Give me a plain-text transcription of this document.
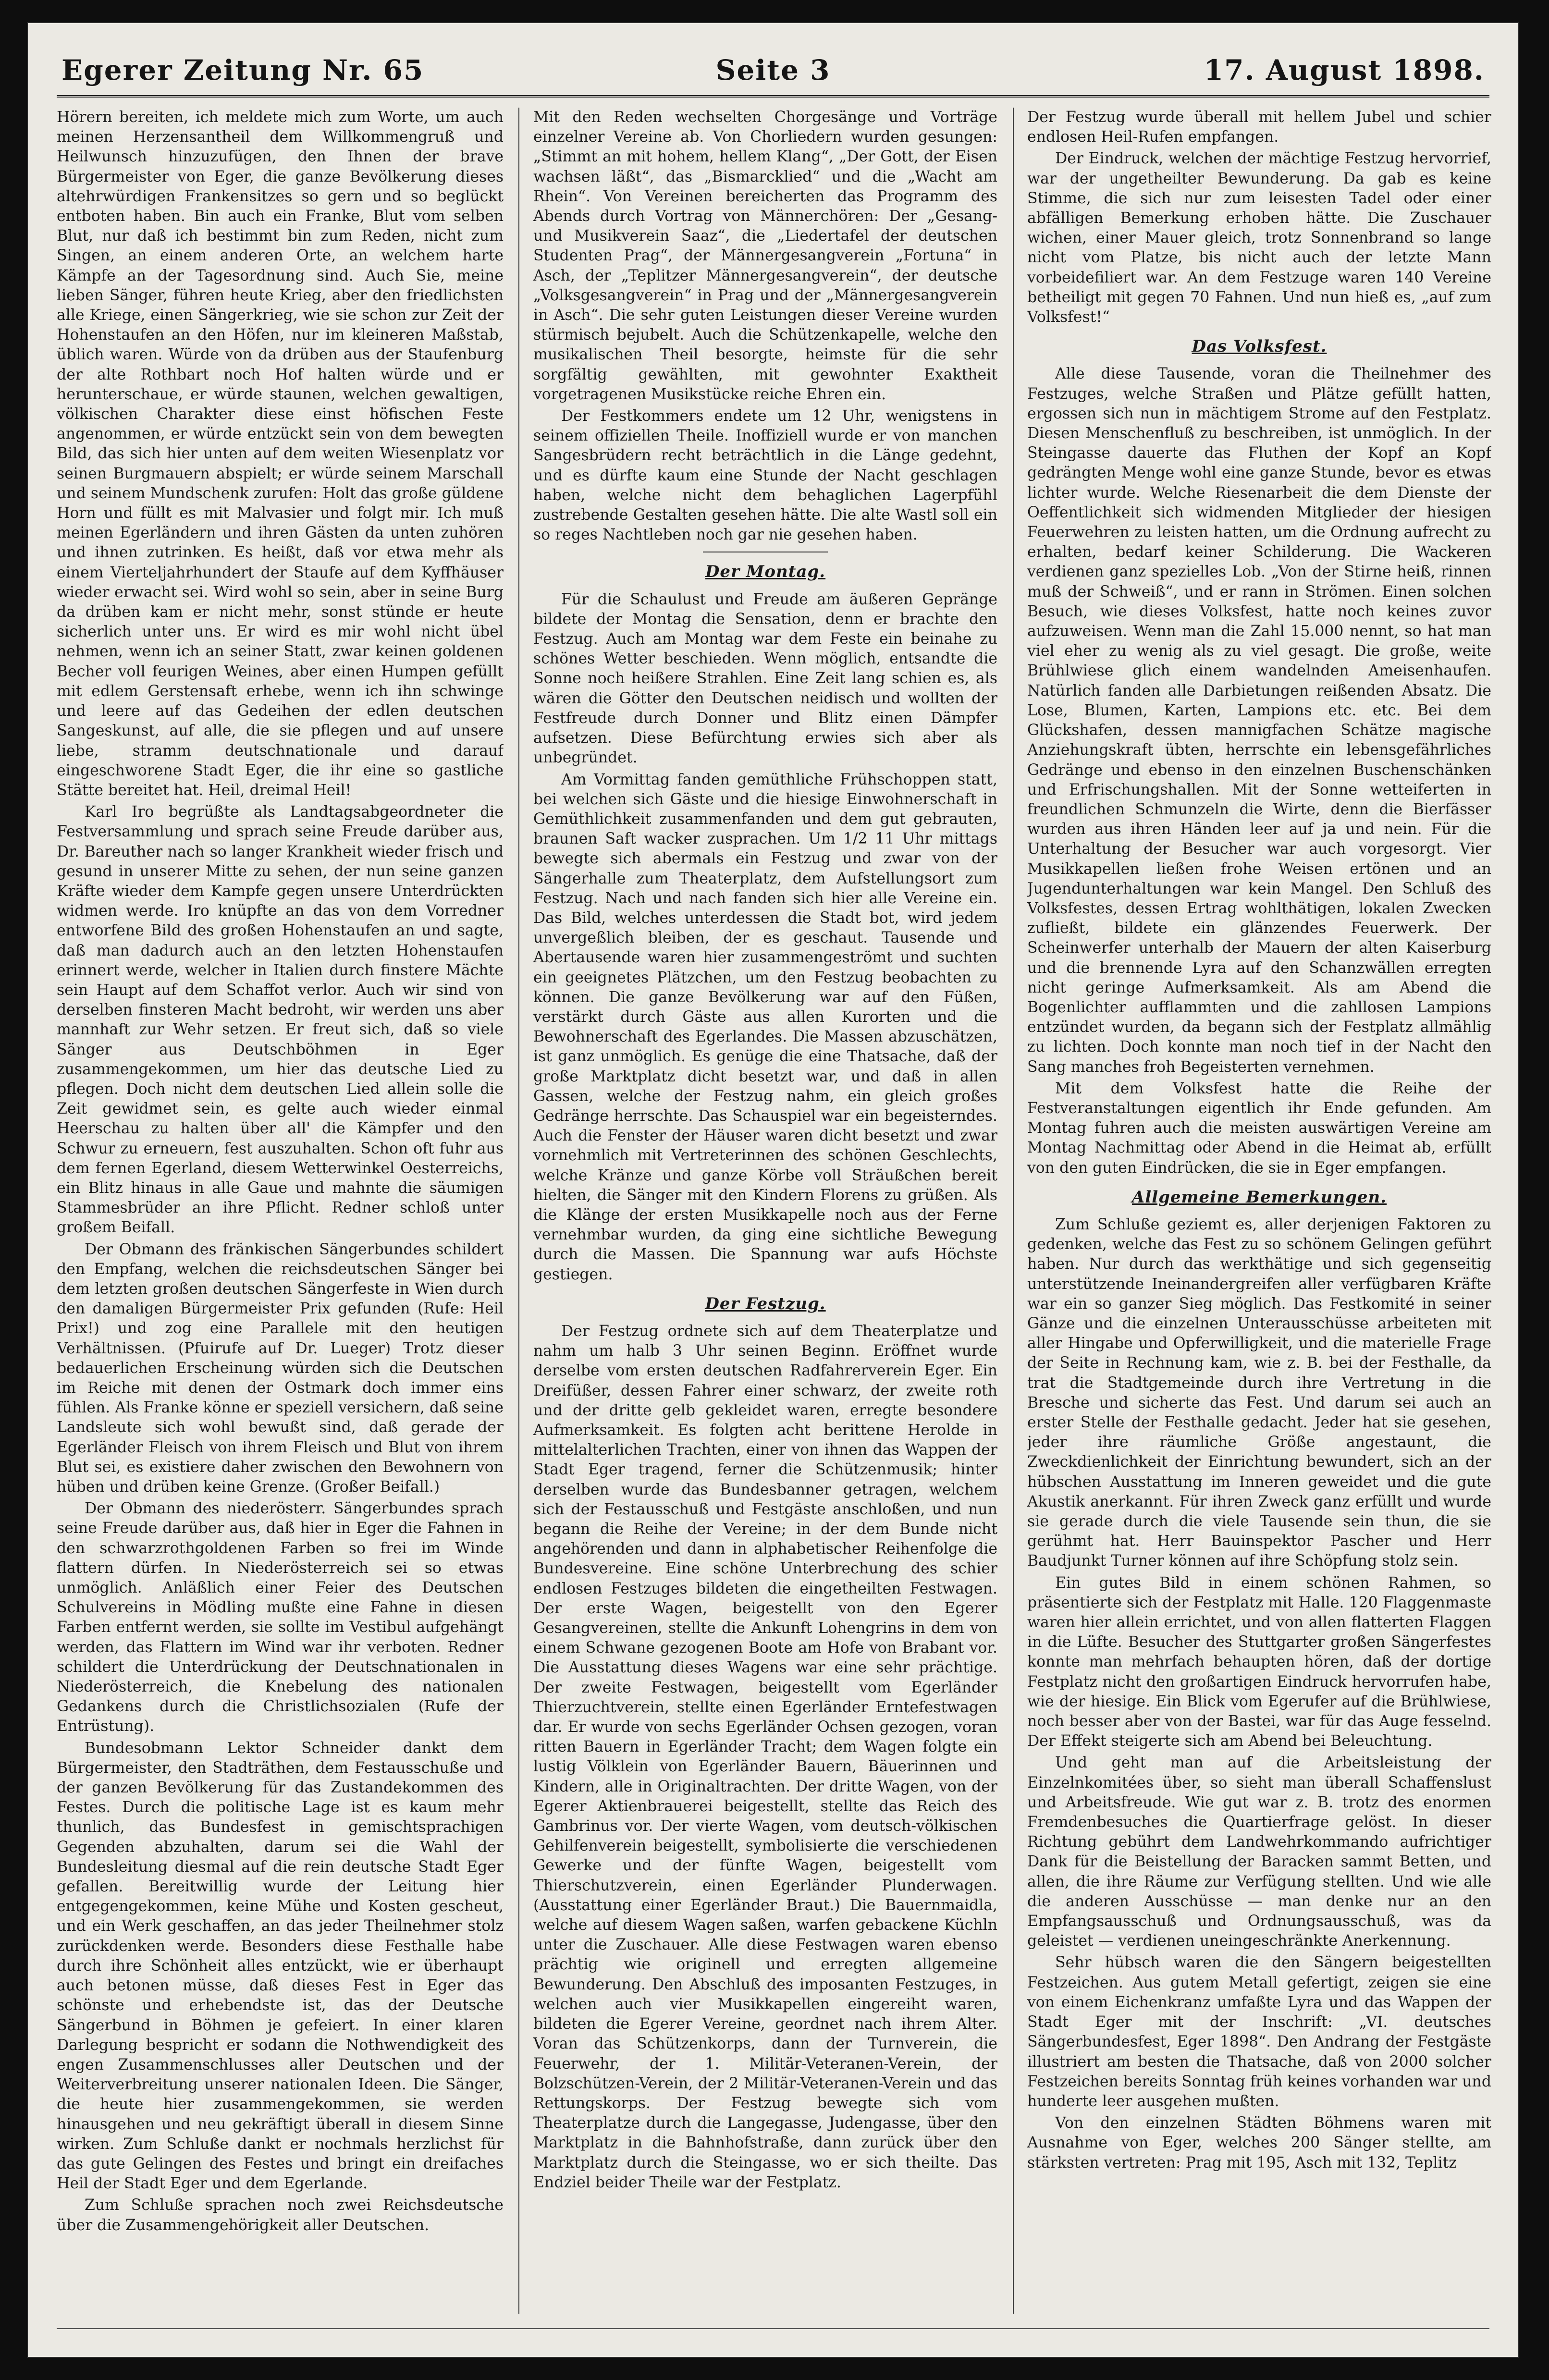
Egerer Zeitung Nr. 65	Seite 3	17. August 1898.

Hörern bereiten, ich meldete mich zum Worte, um auch meinen Herzensantheil dem Willkommengruß und Heilwunsch hinzuzufügen, den Ihnen der brave Bürgermeister von Eger, die ganze Bevölkerung dieses altehrwürdigen Frankensitzes so gern und so beglückt entboten haben. Bin auch ein Franke, Blut vom selben Blut, nur daß ich bestimmt bin zum Reden, nicht zum Singen, an einem anderen Orte, an welchem harte Kämpfe an der Tagesordnung sind. Auch Sie, meine lieben Sänger, führen heute Krieg, aber den friedlichsten alle Kriege, einen Sängerkrieg, wie sie schon zur Zeit der Hohenstaufen an den Höfen, nur im kleineren Maßstab, üblich waren. Würde von da drüben aus der Staufenburg der alte Rothbart noch Hof halten würde und er herunterschaue, er würde staunen, welchen gewaltigen, völkischen Charakter diese einst höfischen Feste angenommen, er würde entzückt sein von dem bewegten Bild, das sich hier unten auf dem weiten Wiesenplatz vor seinen Burgmauern abspielt; er würde seinem Marschall und seinem Mundschenk zurufen: Holt das große güldene Horn und füllt es mit Malvasier und folgt mir. Ich muß meinen Egerländern und ihren Gästen da unten zuhören und ihnen zutrinken. Es heißt, daß vor etwa mehr als einem Vierteljahrhundert der Staufe auf dem Kyffhäuser wieder erwacht sei. Wird wohl so sein, aber in seine Burg da drüben kam er nicht mehr, sonst stünde er heute sicherlich unter uns. Er wird es mir wohl nicht übel nehmen, wenn ich an seiner Statt, zwar keinen goldenen Becher voll feurigen Weines, aber einen Humpen gefüllt mit edlem Gerstensaft erhebe, wenn ich ihn schwinge und leere auf das Gedeihen der edlen deutschen Sangeskunst, auf alle, die sie pflegen und auf unsere liebe, stramm deutschnationale und darauf eingeschworene Stadt Eger, die ihr eine so gastliche Stätte bereitet hat. Heil, dreimal Heil!

Karl Iro begrüßte als Landtagsabgeordneter die Festversammlung und sprach seine Freude darüber aus, Dr. Bareuther nach so langer Krankheit wieder frisch und gesund in unserer Mitte zu sehen, der nun seine ganzen Kräfte wieder dem Kampfe gegen unsere Unterdrückten widmen werde. Iro knüpfte an das von dem Vorredner entworfene Bild des großen Hohenstaufen an und sagte, daß man dadurch auch an den letzten Hohenstaufen erinnert werde, welcher in Italien durch finstere Mächte sein Haupt auf dem Schaffot verlor. Auch wir sind von derselben finsteren Macht bedroht, wir werden uns aber mannhaft zur Wehr setzen. Er freut sich, daß so viele Sänger aus Deutschböhmen in Eger zusammengekommen, um hier das deutsche Lied zu pflegen. Doch nicht dem deutschen Lied allein solle die Zeit gewidmet sein, es gelte auch wieder einmal Heerschau zu halten über all' die Kämpfer und den Schwur zu erneuern, fest auszuhalten. Schon oft fuhr aus dem fernen Egerland, diesem Wetterwinkel Oesterreichs, ein Blitz hinaus in alle Gaue und mahnte die säumigen Stammesbrüder an ihre Pflicht. Redner schloß unter großem Beifall.

Der Obmann des fränkischen Sängerbundes schildert den Empfang, welchen die reichsdeutschen Sänger bei dem letzten großen deutschen Sängerfeste in Wien durch den damaligen Bürgermeister Prix gefunden (Rufe: Heil Prix!) und zog eine Parallele mit den heutigen Verhältnissen. (Pfuirufe auf Dr. Lueger) Trotz dieser bedauerlichen Erscheinung würden sich die Deutschen im Reiche mit denen der Ostmark doch immer eins fühlen. Als Franke könne er speziell versichern, daß seine Landsleute sich wohl bewußt sind, daß gerade der Egerländer Fleisch von ihrem Fleisch und Blut von ihrem Blut sei, es existiere daher zwischen den Bewohnern von hüben und drüben keine Grenze. (Großer Beifall.)

Der Obmann des niederösterr. Sängerbundes sprach seine Freude darüber aus, daß hier in Eger die Fahnen in den schwarzrothgoldenen Farben so frei im Winde flattern dürfen. In Niederösterreich sei so etwas unmöglich. Anläßlich einer Feier des Deutschen Schulvereins in Mödling mußte eine Fahne in diesen Farben entfernt werden, sie sollte im Vestibul aufgehängt werden, das Flattern im Wind war ihr verboten. Redner schildert die Unterdrückung der Deutschnationalen in Niederösterreich, die Knebelung des nationalen Gedankens durch die Christlichsozialen (Rufe der Entrüstung).

Bundesobmann Lektor Schneider dankt dem Bürgermeister, den Stadträthen, dem Festausschuße und der ganzen Bevölkerung für das Zustandekommen des Festes. Durch die politische Lage ist es kaum mehr thunlich, das Bundesfest in gemischtsprachigen Gegenden abzuhalten, darum sei die Wahl der Bundesleitung diesmal auf die rein deutsche Stadt Eger gefallen. Bereitwillig wurde der Leitung hier entgegengekommen, keine Mühe und Kosten gescheut, und ein Werk geschaffen, an das jeder Theilnehmer stolz zurückdenken werde. Besonders diese Festhalle habe durch ihre Schönheit alles entzückt, wie er überhaupt auch betonen müsse, daß dieses Fest in Eger das schönste und erhebendste ist, das der Deutsche Sängerbund in Böhmen je gefeiert. In einer klaren Darlegung bespricht er sodann die Nothwendigkeit des engen Zusammenschlusses aller Deutschen und der Weiterverbreitung unserer nationalen Ideen. Die Sänger, die heute hier zusammengekommen, sie werden hinausgehen und neu gekräftigt überall in diesem Sinne wirken. Zum Schluße dankt er nochmals herzlichst für das gute Gelingen des Festes und bringt ein dreifaches Heil der Stadt Eger und dem Egerlande.

Zum Schluße sprachen noch zwei Reichsdeutsche über die Zusammengehörigkeit aller Deutschen.

Mit den Reden wechselten Chorgesänge und Vorträge einzelner Vereine ab. Von Chorliedern wurden gesungen: „Stimmt an mit hohem, hellem Klang“, „Der Gott, der Eisen wachsen läßt“, das „Bismarcklied“ und die „Wacht am Rhein“. Von Vereinen bereicherten das Programm des Abends durch Vortrag von Männerchören: Der „Gesang- und Musikverein Saaz“, die „Liedertafel der deutschen Studenten Prag“, der Männergesangverein „Fortuna“ in Asch, der „Teplitzer Männergesangverein“, der deutsche „Volksgesangverein“ in Prag und der „Männergesangverein in Asch“. Die sehr guten Leistungen dieser Vereine wurden stürmisch bejubelt. Auch die Schützenkapelle, welche den musikalischen Theil besorgte, heimste für die sehr sorgfältig gewählten, mit gewohnter Exaktheit vorgetragenen Musikstücke reiche Ehren ein.

Der Festkommers endete um 12 Uhr, wenigstens in seinem offiziellen Theile. Inoffiziell wurde er von manchen Sangesbrüdern recht beträchtlich in die Länge gedehnt, und es dürfte kaum eine Stunde der Nacht geschlagen haben, welche nicht dem behaglichen Lagerpfühl zustrebende Gestalten gesehen hätte. Die alte Wastl soll ein so reges Nachtleben noch gar nie gesehen haben.

Der Montag.

Für die Schaulust und Freude am äußeren Gepränge bildete der Montag die Sensation, denn er brachte den Festzug. Auch am Montag war dem Feste ein beinahe zu schönes Wetter beschieden. Wenn möglich, entsandte die Sonne noch heißere Strahlen. Eine Zeit lang schien es, als wären die Götter den Deutschen neidisch und wollten der Festfreude durch Donner und Blitz einen Dämpfer aufsetzen. Diese Befürchtung erwies sich aber als unbegründet.

Am Vormittag fanden gemüthliche Frühschoppen statt, bei welchen sich Gäste und die hiesige Einwohnerschaft in Gemüthlichkeit zusammenfanden und dem gut gebrauten, braunen Saft wacker zusprachen. Um 1/2 11 Uhr mittags bewegte sich abermals ein Festzug und zwar von der Sängerhalle zum Theaterplatz, dem Aufstellungsort zum Festzug. Nach und nach fanden sich hier alle Vereine ein. Das Bild, welches unterdessen die Stadt bot, wird jedem unvergeßlich bleiben, der es geschaut. Tausende und Abertausende waren hier zusammengeströmt und suchten ein geeignetes Plätzchen, um den Festzug beobachten zu können. Die ganze Bevölkerung war auf den Füßen, verstärkt durch Gäste aus allen Kurorten und die Bewohnerschaft des Egerlandes. Die Massen abzuschätzen, ist ganz unmöglich. Es genüge die eine Thatsache, daß der große Marktplatz dicht besetzt war, und daß in allen Gassen, welche der Festzug nahm, ein gleich großes Gedränge herrschte. Das Schauspiel war ein begeisterndes. Auch die Fenster der Häuser waren dicht besetzt und zwar vornehmlich mit Vertreterinnen des schönen Geschlechts, welche Kränze und ganze Körbe voll Sträußchen bereit hielten, die Sänger mit den Kindern Florens zu grüßen. Als die Klänge der ersten Musikkapelle noch aus der Ferne vernehmbar wurden, da ging eine sichtliche Bewegung durch die Massen. Die Spannung war aufs Höchste gestiegen.

Der Festzug.

Der Festzug ordnete sich auf dem Theaterplatze und nahm um halb 3 Uhr seinen Beginn. Eröffnet wurde derselbe vom ersten deutschen Radfahrerverein Eger. Ein Dreifüßer, dessen Fahrer einer schwarz, der zweite roth und der dritte gelb gekleidet waren, erregte besondere Aufmerksamkeit. Es folgten acht berittene Herolde in mittelalterlichen Trachten, einer von ihnen das Wappen der Stadt Eger tragend, ferner die Schützenmusik; hinter derselben wurde das Bundesbanner getragen, welchem sich der Festausschuß und Festgäste anschloßen, und nun begann die Reihe der Vereine; in der dem Bunde nicht angehörenden und dann in alphabetischer Reihenfolge die Bundesvereine. Eine schöne Unterbrechung des schier endlosen Festzuges bildeten die eingetheilten Festwagen. Der erste Wagen, beigestellt von den Egerer Gesangvereinen, stellte die Ankunft Lohengrins in dem von einem Schwane gezogenen Boote am Hofe von Brabant vor. Die Ausstattung dieses Wagens war eine sehr prächtige. Der zweite Festwagen, beigestellt vom Egerländer Thierzuchtverein, stellte einen Egerländer Erntefestwagen dar. Er wurde von sechs Egerländer Ochsen gezogen, voran ritten Bauern in Egerländer Tracht; dem Wagen folgte ein lustig Völklein von Egerländer Bauern, Bäuerinnen und Kindern, alle in Originaltrachten. Der dritte Wagen, von der Egerer Aktienbrauerei beigestellt, stellte das Reich des Gambrinus vor. Der vierte Wagen, vom deutsch-völkischen Gehilfenverein beigestellt, symbolisierte die verschiedenen Gewerke und der fünfte Wagen, beigestellt vom Thierschutzverein, einen Egerländer Plunderwagen. (Ausstattung einer Egerländer Braut.) Die Bauernmaidla, welche auf diesem Wagen saßen, warfen gebackene Küchln unter die Zuschauer. Alle diese Festwagen waren ebenso prächtig wie originell und erregten allgemeine Bewunderung. Den Abschluß des imposanten Festzuges, in welchen auch vier Musikkapellen eingereiht waren, bildeten die Egerer Vereine, geordnet nach ihrem Alter. Voran das Schützenkorps, dann der Turnverein, die Feuerwehr, der 1. Militär-Veteranen-Verein, der Bolzschützen-Verein, der 2 Militär-Veteranen-Verein und das Rettungskorps. Der Festzug bewegte sich vom Theaterplatze durch die Langegasse, Judengasse, über den Marktplatz in die Bahnhofstraße, dann zurück über den Marktplatz durch die Steingasse, wo er sich theilte. Das Endziel beider Theile war der Festplatz.

Der Festzug wurde überall mit hellem Jubel und schier endlosen Heil-Rufen empfangen.

Der Eindruck, welchen der mächtige Festzug hervorrief, war der ungetheilter Bewunderung. Da gab es keine Stimme, die sich nur zum leisesten Tadel oder einer abfälligen Bemerkung erhoben hätte. Die Zuschauer wichen, einer Mauer gleich, trotz Sonnenbrand so lange nicht vom Platze, bis nicht auch der letzte Mann vorbeidefiliert war. An dem Festzuge waren 140 Vereine betheiligt mit gegen 70 Fahnen. Und nun hieß es, „auf zum Volksfest!“

Das Volksfest.

Alle diese Tausende, voran die Theilnehmer des Festzuges, welche Straßen und Plätze gefüllt hatten, ergossen sich nun in mächtigem Strome auf den Festplatz. Diesen Menschenfluß zu beschreiben, ist unmöglich. In der Steingasse dauerte das Fluthen der Kopf an Kopf gedrängten Menge wohl eine ganze Stunde, bevor es etwas lichter wurde. Welche Riesenarbeit die dem Dienste der Oeffentlichkeit sich widmenden Mitglieder der hiesigen Feuerwehren zu leisten hatten, um die Ordnung aufrecht zu erhalten, bedarf keiner Schilderung. Die Wackeren verdienen ganz spezielles Lob. „Von der Stirne heiß, rinnen muß der Schweiß“, und er rann in Strömen. Einen solchen Besuch, wie dieses Volksfest, hatte noch keines zuvor aufzuweisen. Wenn man die Zahl 15.000 nennt, so hat man viel eher zu wenig als zu viel gesagt. Die große, weite Brühlwiese glich einem wandelnden Ameisenhaufen. Natürlich fanden alle Darbietungen reißenden Absatz. Die Lose, Blumen, Karten, Lampions etc. etc. Bei dem Glückshafen, dessen mannigfachen Schätze magische Anziehungskraft übten, herrschte ein lebensgefährliches Gedränge und ebenso in den einzelnen Buschenschänken und Erfrischungshallen. Mit der Sonne wetteiferten in freundlichen Schmunzeln die Wirte, denn die Bierfässer wurden aus ihren Händen leer auf ja und nein. Für die Unterhaltung der Besucher war auch vorgesorgt. Vier Musikkapellen ließen frohe Weisen ertönen und an Jugendunterhaltungen war kein Mangel. Den Schluß des Volksfestes, dessen Ertrag wohlthätigen, lokalen Zwecken zufließt, bildete ein glänzendes Feuerwerk. Der Scheinwerfer unterhalb der Mauern der alten Kaiserburg und die brennende Lyra auf den Schanzwällen erregten nicht geringe Aufmerksamkeit. Als am Abend die Bogenlichter aufflammten und die zahllosen Lampions entzündet wurden, da begann sich der Festplatz allmählig zu lichten. Doch konnte man noch tief in der Nacht den Sang manches froh Begeisterten vernehmen.

Mit dem Volksfest hatte die Reihe der Festveranstaltungen eigentlich ihr Ende gefunden. Am Montag fuhren auch die meisten auswärtigen Vereine am Montag Nachmittag oder Abend in die Heimat ab, erfüllt von den guten Eindrücken, die sie in Eger empfangen.

Allgemeine Bemerkungen.

Zum Schluße geziemt es, aller derjenigen Faktoren zu gedenken, welche das Fest zu so schönem Gelingen geführt haben. Nur durch das werkthätige und sich gegenseitig unterstützende Ineinandergreifen aller verfügbaren Kräfte war ein so ganzer Sieg möglich. Das Festkomité in seiner Gänze und die einzelnen Unterausschüsse arbeiteten mit aller Hingabe und Opferwilligkeit, und die materielle Frage der Seite in Rechnung kam, wie z. B. bei der Festhalle, da trat die Stadtgemeinde durch ihre Vertretung in die Bresche und sicherte das Fest. Und darum sei auch an erster Stelle der Festhalle gedacht. Jeder hat sie gesehen, jeder ihre räumliche Größe angestaunt, die Zweckdienlichkeit der Einrichtung bewundert, sich an der hübschen Ausstattung im Inneren geweidet und die gute Akustik anerkannt. Für ihren Zweck ganz erfüllt und wurde sie gerade durch die viele Tausende sein thun, die sie gerühmt hat. Herr Bauinspektor Pascher und Herr Baudjunkt Turner können auf ihre Schöpfung stolz sein.

Ein gutes Bild in einem schönen Rahmen, so präsentierte sich der Festplatz mit Halle. 120 Flaggenmaste waren hier allein errichtet, und von allen flatterten Flaggen in die Lüfte. Besucher des Stuttgarter großen Sängerfestes konnte man mehrfach behaupten hören, daß der dortige Festplatz nicht den großartigen Eindruck hervorrufen habe, wie der hiesige. Ein Blick vom Egerufer auf die Brühlwiese, noch besser aber von der Bastei, war für das Auge fesselnd. Der Effekt steigerte sich am Abend bei Beleuchtung.

Und geht man auf die Arbeitsleistung der Einzelnkomitées über, so sieht man überall Schaffenslust und Arbeitsfreude. Wie gut war z. B. trotz des enormen Fremdenbesuches die Quartierfrage gelöst. In dieser Richtung gebührt dem Landwehrkommando aufrichtiger Dank für die Beistellung der Baracken sammt Betten, und allen, die ihre Räume zur Verfügung stellten. Und wie alle die anderen Ausschüsse — man denke nur an den Empfangsausschuß und Ordnungsausschuß, was da geleistet — verdienen uneingeschränkte Anerkennung.

Sehr hübsch waren die den Sängern beigestellten Festzeichen. Aus gutem Metall gefertigt, zeigen sie eine von einem Eichenkranz umfaßte Lyra und das Wappen der Stadt Eger mit der Inschrift: „VI. deutsches Sängerbundesfest, Eger 1898“. Den Andrang der Festgäste illustriert am besten die Thatsache, daß von 2000 solcher Festzeichen bereits Sonntag früh keines vorhanden war und hunderte leer ausgehen mußten.

Von den einzelnen Städten Böhmens waren mit Ausnahme von Eger, welches 200 Sänger stellte, am stärksten vertreten: Prag mit 195, Asch mit 132, Teplitz
